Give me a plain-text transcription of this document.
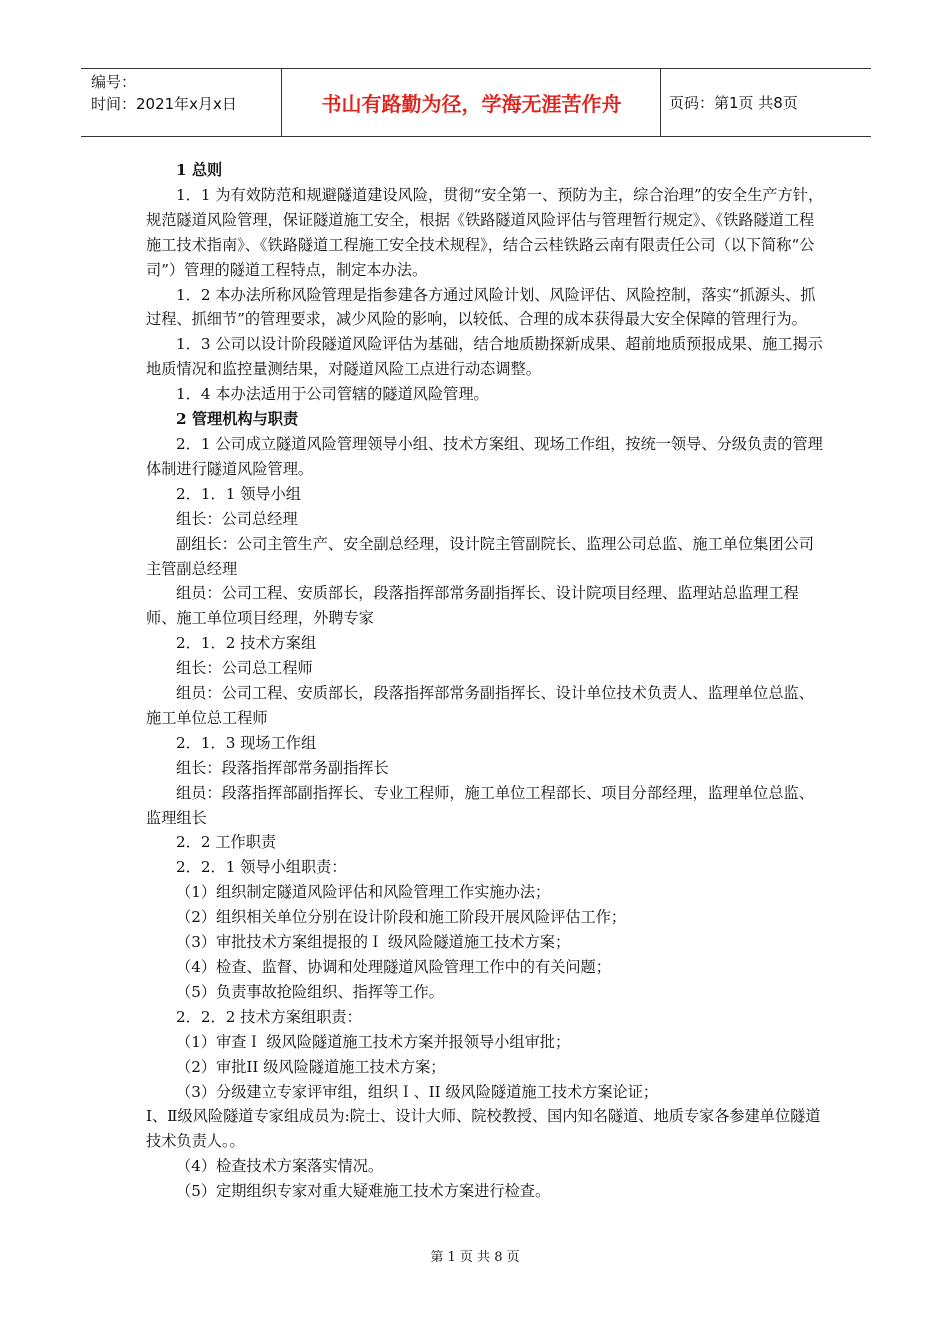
编号：
时间：2021年x月x日	书山有路勤为径，学海无涯苦作舟	页码：第1页 共8页

1 总则

1．1 为有效防范和规避隧道建设风险，贯彻“安全第一、预防为主，综合治理”的安全生产方针，规范隧道风险管理，保证隧道施工安全，根据《铁路隧道风险评估与管理暂行规定》、《铁路隧道工程施工技术指南》、《铁路隧道工程施工安全技术规程》，结合云桂铁路云南有限责任公司（以下简称“公司”）管理的隧道工程特点，制定本办法。

1．2 本办法所称风险管理是指参建各方通过风险计划、风险评估、风险控制，落实“抓源头、抓过程、抓细节”的管理要求，减少风险的影响，以较低、合理的成本获得最大安全保障的管理行为。

1．3 公司以设计阶段隧道风险评估为基础，结合地质勘探新成果、超前地质预报成果、施工揭示地质情况和监控量测结果，对隧道风险工点进行动态调整。

1．4 本办法适用于公司管辖的隧道风险管理。

2 管理机构与职责

2．1 公司成立隧道风险管理领导小组、技术方案组、现场工作组，按统一领导、分级负责的管理体制进行隧道风险管理。

2．1．1 领导小组

组长：公司总经理

副组长：公司主管生产、安全副总经理，设计院主管副院长、监理公司总监、施工单位集团公司主管副总经理

组员：公司工程、安质部长，段落指挥部常务副指挥长、设计院项目经理、监理站总监理工程师、施工单位项目经理，外聘专家

2．1．2 技术方案组

组长：公司总工程师

组员：公司工程、安质部长，段落指挥部常务副指挥长、设计单位技术负责人、监理单位总监、施工单位总工程师

2．1．3 现场工作组

组长：段落指挥部常务副指挥长

组员：段落指挥部副指挥长、专业工程师，施工单位工程部长、项目分部经理，监理单位总监、监理组长

2．2 工作职责

2．2．1 领导小组职责：

（1）组织制定隧道风险评估和风险管理工作实施办法；

（2）组织相关单位分别在设计阶段和施工阶段开展风险评估工作；

（3）审批技术方案组提报的Ｉ 级风险隧道施工技术方案；

（4）检查、监督、协调和处理隧道风险管理工作中的有关问题；

（5）负责事故抢险组织、指挥等工作。

2．2．2 技术方案组职责：

（1）审查Ｉ 级风险隧道施工技术方案并报领导小组审批；

（2）审批II 级风险隧道施工技术方案；

（3）分级建立专家评审组，组织Ｉ、II 级风险隧道施工技术方案论证；

Ⅰ、Ⅱ级风险隧道专家组成员为:院士、设计大师、院校教授、国内知名隧道、地质专家各参建单位隧道技术负责人。。

（4）检查技术方案落实情况。

（5）定期组织专家对重大疑难施工技术方案进行检查。

第 1 页 共 8 页
